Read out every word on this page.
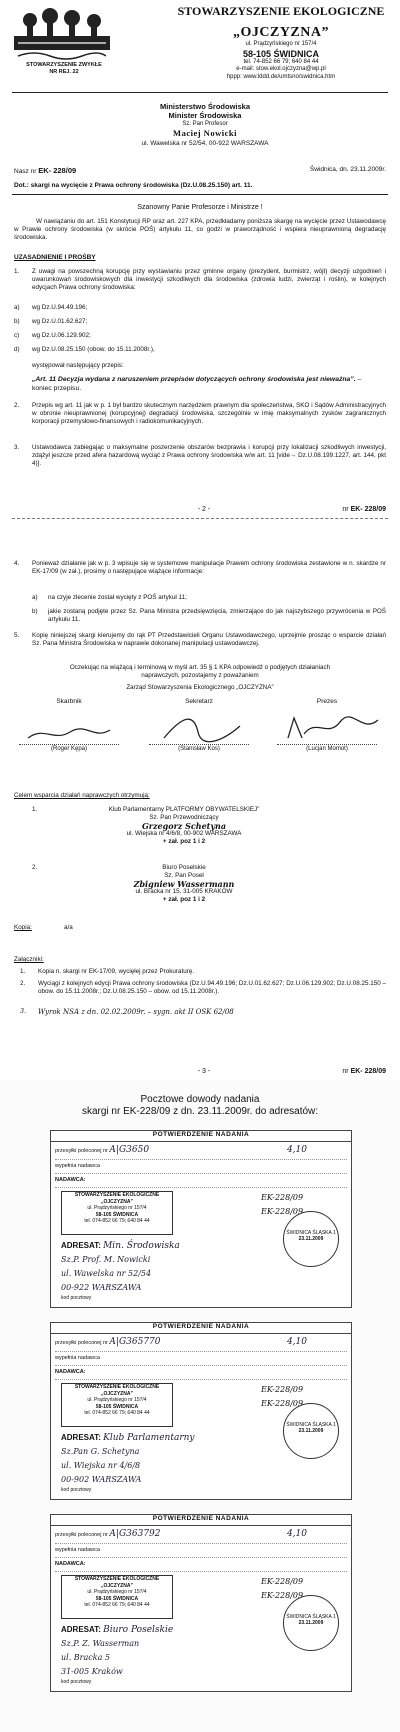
STOWARZYSZENIE ZWYKŁE
NR REJ. 22
STOWARZYSZENIE EKOLOGICZNE
„OJCZYZNA”
ul. Prądzyńskiego nr 157/4
58-105 ŚWIDNICA
tel. 74-852 66 79; 640 84 44
e-mail: stow.ekol.ojczyzna@wp.pl
hppp: www.lddd.de/umtsno/swidnica.htm
Ministerstwo Środowiska
Minister Środowiska
Sz. Pan Profesor
Maciej Nowicki
ul. Wawelska nr 52/54, 00-922 WARSZAWA
Nasz nr EK- 228/09	Świdnica, dn. 23.11.2009r.
Dot.: skargi na wycięcie z Prawa ochrony środowiska (Dz.U.08.25.150) art. 11.
Szanowny Panie Profesorze i Ministrze !
W nawiązaniu do art. 151 Konstytucji RP oraz art. 227 KPA, przedkładamy poniższa skargę na wycięcie przez Ustawodawcę w Prawie ochrony środowiska (w skrócie POŚ) artykułu 11, co godzi w praworządność i wspiera nieuprawnioną degradację środowiska.
UZASADNIENIE I PROŚBY
1. Z uwagi na powszechną korupcję przy wystawianiu przez gminne organy (prezydent, burmistrz, wójt) decyzji uzgodnień i uwarunkowań środowiskowych dla inwestycji szkodliwych dla środowiska (zdrowia ludzi, zwierząt i roślin), w kolejnych edycjach Prawa ochrony środowiska:
a) wg Dz.U.94.49.196;
b) wg Dz.U.01.62.627;
c) wg Dz.U.06.129.902;
d) wg Dz.U.08.25.150 (obow. do 15.11.2008r.),
występował następujący przepis:
„Art. 11 Decyzja wydana z naruszeniem przepisów dotyczących ochrony środowiska jest nieważna”. – koniec przepisu.
2. Przepis wg art. 11 jak w p. 1 był bardzo skutecznym narzędziem prawnym dla społeczeństwa, SKO i Sądów Administracyjnych w obronie nieuprawnionej (korupcyjnej) degradacji środowiska, szczególnie w imię maksymalnych zysków zagranicznych korporacji przemysłowo-finansowych i radiokomunikacyjnych.
3. Ustawodawca zabiegając o maksymalne poszerzenie obszarów bezprawia i korupcji przy lokalizacji szkodliwych inwestycji, zdążył jeszcze przed afera hazardową wyciąć z Prawa ochrony środowiska w/w art. 11 [vide→ Dz.U.08.199.1227, art. 144, pkt 4)].
- 2 -	nr EK- 228/09
4. Ponieważ działanie jak w p. 3 wpisuje się w systemowe manipulacje Prawem ochrony środowiska zestawione w n. skardze nr EK-17/09 (w zał.), prosimy o następujące wiążące informacje:
a) na czyje zlecenie został wycięty z POŚ artykuł 11;
b) jakie zostaną podjęte przez Sz. Pana Ministra przedsięwzięcia, zmierzające do jak najszybszego przywrócenia w POŚ artykułu 11.
5. Kopię niniejszej skargi kierujemy do rąk PT Przedstawicieli Organu Ustawodawczego, uprzejmie prosząc o wsparcie działań Sz. Pana Ministra Środowiska w naprawie dokonanej manipulacji ustawodawczej.
Oczekując na wiążącą i terminową w myśl art. 35 § 1 KPA odpowiedź o podjętych działaniach naprawczych, pozostajemy z poważaniem
Zarząd Stowarzyszenia Ekologicznego „OJCZYZNA”
Skarbnik	Sekretarz	Prezes
(Roger Kępa)	(Stanisław Kos)	(Lucjan Momot)
Celem wsparcia działań naprawczych otrzymują:
1.	Klub Parlamentarny PLATFORMY OBYWATELSKIEJ”
Sz. Pan Przewodniczący
Grzegorz Schetyna
ul. Wiejska nr 4/6/8, 00-902 WARSZAWA
+ zał. poz 1 i 2
2.	Biuro Poselskie
Sz. Pan Poseł
Zbigniew Wassermann
ul. Bracka nr 15, 31-005 KRAKÓW
+ zał. poz 1 i 2
Kopia:	a/a
Załączniki:
1. Kopia n. skargi nr EK-17/09, wycięłej przez Prokuraturę.
2. Wyciągi z kolejnych edycji Prawa ochrony środowiska (Dz.U.94.49.196; Dz.U.01.62.627; Dz.U.06.129.902; Dz.U.08.25.150 – obow. do 15.11.2008r.; Dz.U.08.25.150 – obow. od 15.11.2008r.).
3. Wyrok NSA z dn. 02.02.2009r. – sygn. akt II OSK 62/08
- 3 -	nr EK- 228/09
Pocztowe dowody nadania
skargi nr EK-228/09 z dn. 23.11.2009r. do adresatów:
POTWIERDZENIE NADANIA
przesyłki poleconej nr A|G3650	4,10
wypełnia nadawca
NADAWCA:
STOWARZYSZENIE EKOLOGICZNE
„OJCZYZNA”
ul. Prądzyńskiego nr 157/4
58-105 ŚWIDNICA
tel. 074-852 66 79; 640 84 44
EK-228/09
EK-228/09
ADRESAT: Min. Środowiska
Sz.P. Prof. M. Nowicki
ul. Wawelska nr 52/54
00-922 WARSZAWA
kod pocztowy
ŚWIDNICA ŚLĄSKA 1
23.11.2009
POTWIERDZENIE NADANIA
przesyłki poleconej nr A|G365770	4,10
wypełnia nadawca
NADAWCA:
STOWARZYSZENIE EKOLOGICZNE
„OJCZYZNA”
ul. Prądzyńskiego nr 157/4
58-105 ŚWIDNICA
tel. 074-852 66 79; 640 84 44
EK-228/09
EK-228/09
ADRESAT: Klub Parlamentarny
Sz.Pan G. Schetyna
ul. Wiejska nr 4/6/8
00-902 WARSZAWA
kod pocztowy
ŚWIDNICA ŚLĄSKA 1
23.11.2009
POTWIERDZENIE NADANIA
przesyłki poleconej nr A|G363792	4,10
wypełnia nadawca
NADAWCA:
STOWARZYSZENIE EKOLOGICZNE
„OJCZYZNA”
ul. Prądzyńskiego nr 157/4
58-105 ŚWIDNICA
tel. 074-852 66 79; 640 84 44
EK-228/09
EK-228/09
ADRESAT: Biuro Poselskie
Sz.P. Z. Wasserman
ul. Bracka 5
31-005 Kraków
kod pocztowy
ŚWIDNICA ŚLĄSKA 1
23.11.2009
